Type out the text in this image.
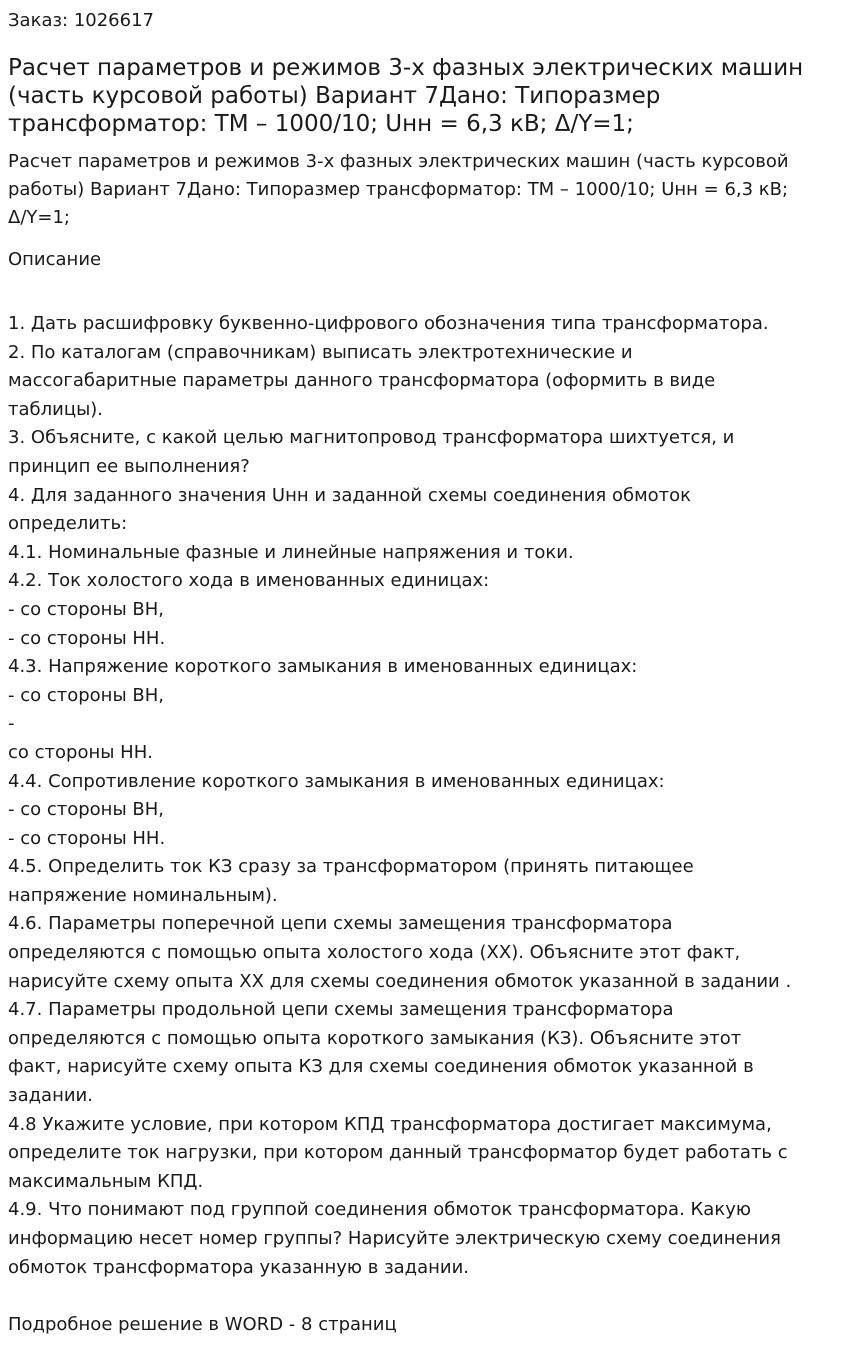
Заказ: 1026617

Расчет параметров и режимов 3-х фазных электрических машин
(часть курсовой работы) Вариант 7Дано: Типоразмер
трансформатор: ТМ – 1000/10; Uнн = 6,3 кВ; Δ/Y=1;
Расчет параметров и режимов 3-х фазных электрических машин (часть курсовой
работы) Вариант 7Дано: Типоразмер трансформатор: ТМ – 1000/10; Uнн = 6,3 кВ;
Δ/Y=1;
Описание
1. Дать расшифровку буквенно-цифрового обозначения типа трансформатора.
2. По каталогам (справочникам) выписать электротехнические и
массогабаритные параметры данного трансформатора (оформить в виде
таблицы).
3. Объясните, с какой целью магнитопровод трансформатора шихтуется, и
принцип ее выполнения?
4. Для заданного значения Uнн и заданной схемы соединения обмоток
определить:
4.1. Номинальные фазные и линейные напряжения и токи.
4.2. Ток холостого хода в именованных единицах:
- со стороны ВН,
- со стороны НН.
4.3. Напряжение короткого замыкания в именованных единицах:
- со стороны ВН,
-
со стороны НН.
4.4. Сопротивление короткого замыкания в именованных единицах:
- со стороны ВН,
- со стороны НН.
4.5. Определить ток КЗ сразу за трансформатором (принять питающее
напряжение номинальным).
4.6. Параметры поперечной цепи схемы замещения трансформатора
определяются с помощью опыта холостого хода (ХХ). Объясните этот факт,
нарисуйте схему опыта ХХ для схемы соединения обмоток указанной в задании .
4.7. Параметры продольной цепи схемы замещения трансформатора
определяются с помощью опыта короткого замыкания (КЗ). Объясните этот
факт, нарисуйте схему опыта КЗ для схемы соединения обмоток указанной в
задании.
4.8 Укажите условие, при котором КПД трансформатора достигает максимума,
определите ток нагрузки, при котором данный трансформатор будет работать с
максимальным КПД.
4.9. Что понимают под группой соединения обмоток трансформатора. Какую
информацию несет номер группы? Нарисуйте электрическую схему соединения
обмоток трансформатора указанную в задании.
Подробное решение в WORD - 8 страниц
